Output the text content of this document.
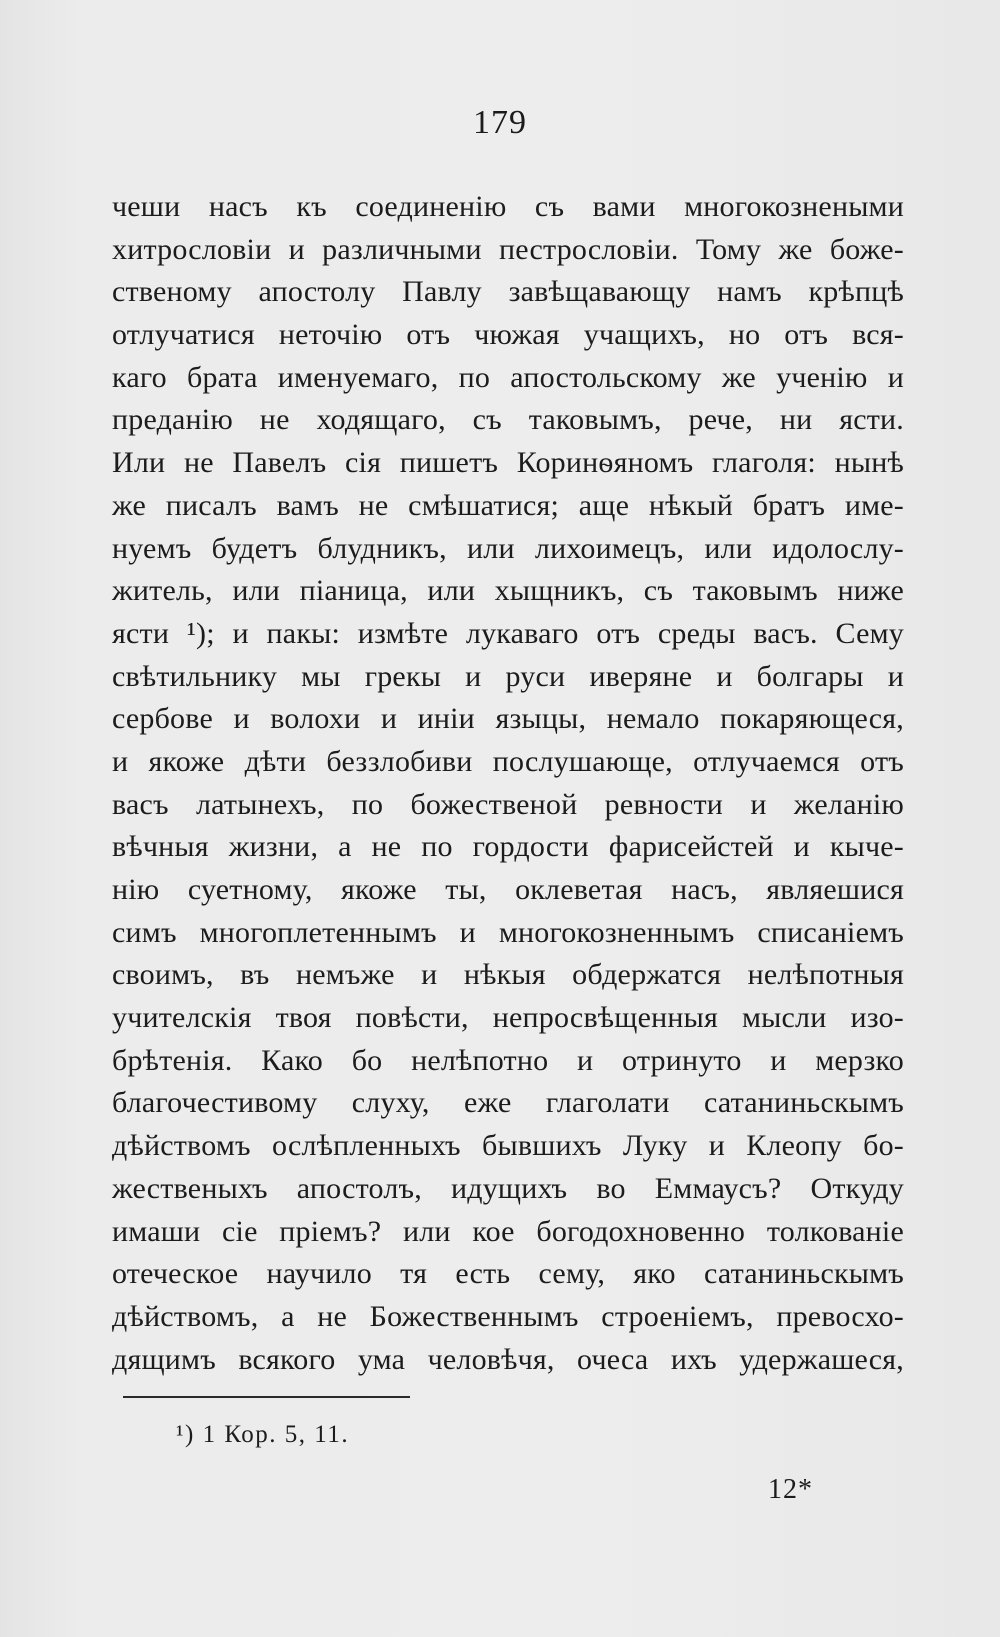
179
чеши насъ къ соединенію съ вами многокознеными
хитрословіи и различными пестрословіи. Тому же боже-
ственому апостолу Павлу завѣщавающу намъ крѣпцѣ
отлучатися неточію отъ чюжая учащихъ, но отъ вся-
каго брата именуемаго, по апостольскому же ученію и
преданію не ходящаго, съ таковымъ, рече, ни ясти.
Или не Павелъ сія пишетъ Коринѳяномъ глаголя: нынѣ
же писалъ вамъ не смѣшатися; аще нѣкый братъ име-
нуемъ будетъ блудникъ, или лихоимецъ, или идолослу-
житель, или піаница, или хыщникъ, съ таковымъ ниже
ясти ¹); и пакы: измѣте лукаваго отъ среды васъ. Сему
свѣтильнику мы грекы и руси иверяне и болгары и
сербове и волохи и иніи языцы, немало покаряющеся,
и якоже дѣти беззлобиви послушающе, отлучаемся отъ
васъ латынехъ, по божественой ревности и желанію
вѣчныя жизни, а не по гордости фарисейстей и кыче-
нію суетному, якоже ты, оклеветая насъ, являешися
симъ многоплетеннымъ и многокозненнымъ списаніемъ
своимъ, въ немъже и нѣкыя обдержатся нелѣпотныя
учителскія твоя повѣсти, непросвѣщенныя мысли изо-
брѣтенія. Како бо нелѣпотно и отринуто и мерзко
благочестивому слуху, еже глаголати сатаниньскымъ
дѣйствомъ ослѣпленныхъ бывшихъ Луку и Клеопу бо-
жественыхъ апостолъ, идущихъ во Еммаусъ? Откуду
имаши сіе пріемъ? или кое богодохновенно толкованіе
отеческое научило тя есть сему, яко сатаниньскымъ
дѣйствомъ, а не Божественнымъ строеніемъ, превосхо-
дящимъ всякого ума человѣчя, очеса ихъ удержашеся,
¹) 1 Кор. 5, 11.
12*
